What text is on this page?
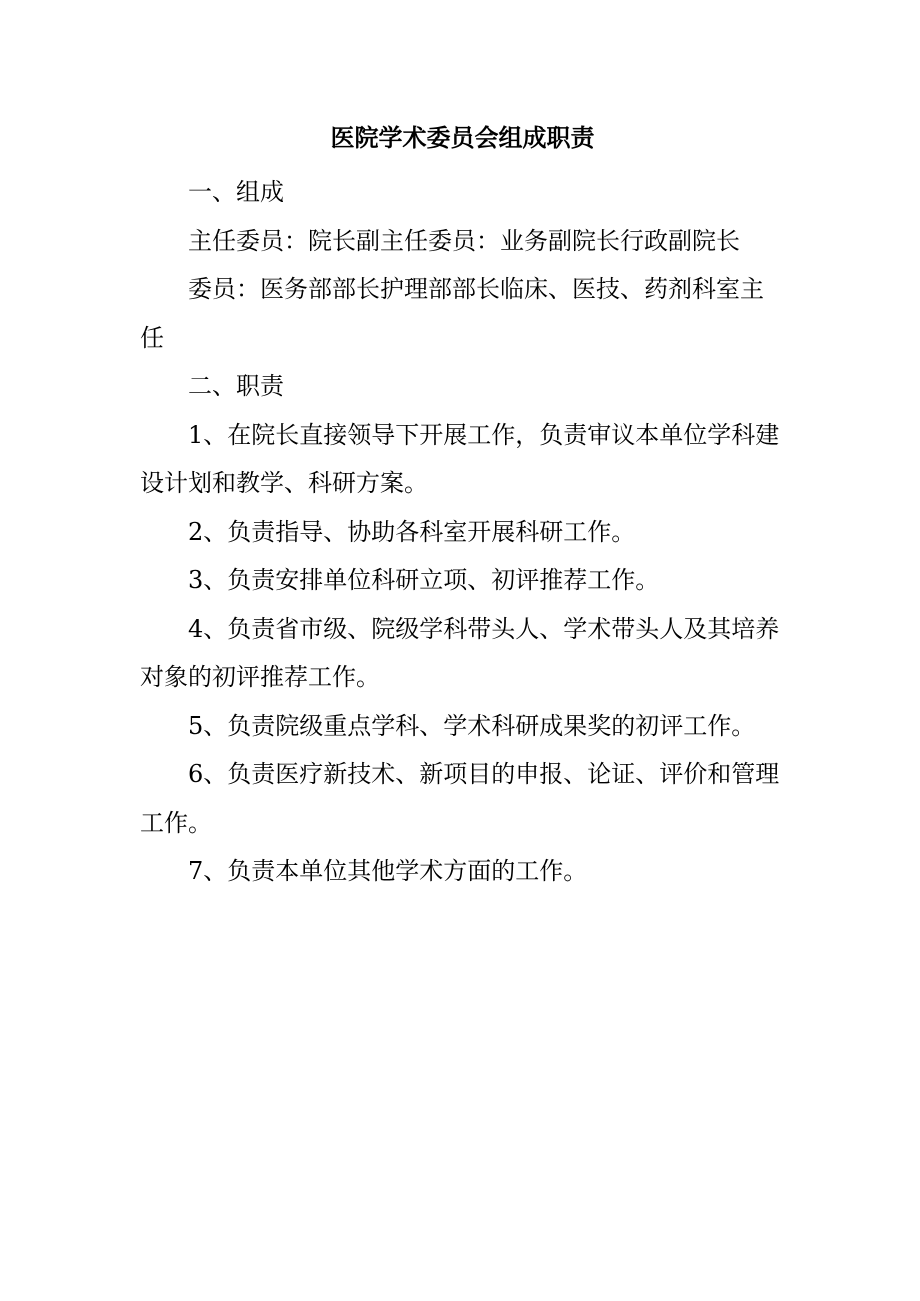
医院学术委员会组成职责

一、组成

主任委员：院长副主任委员：业务副院长行政副院长

委员：医务部部长护理部部长临床、医技、药剂科室主任

二、职责

1、在院长直接领导下开展工作，负责审议本单位学科建设计划和教学、科研方案。

2、负责指导、协助各科室开展科研工作。

3、负责安排单位科研立项、初评推荐工作。

4、负责省市级、院级学科带头人、学术带头人及其培养对象的初评推荐工作。

5、负责院级重点学科、学术科研成果奖的初评工作。

6、负责医疗新技术、新项目的申报、论证、评价和管理工作。

7、负责本单位其他学术方面的工作。
